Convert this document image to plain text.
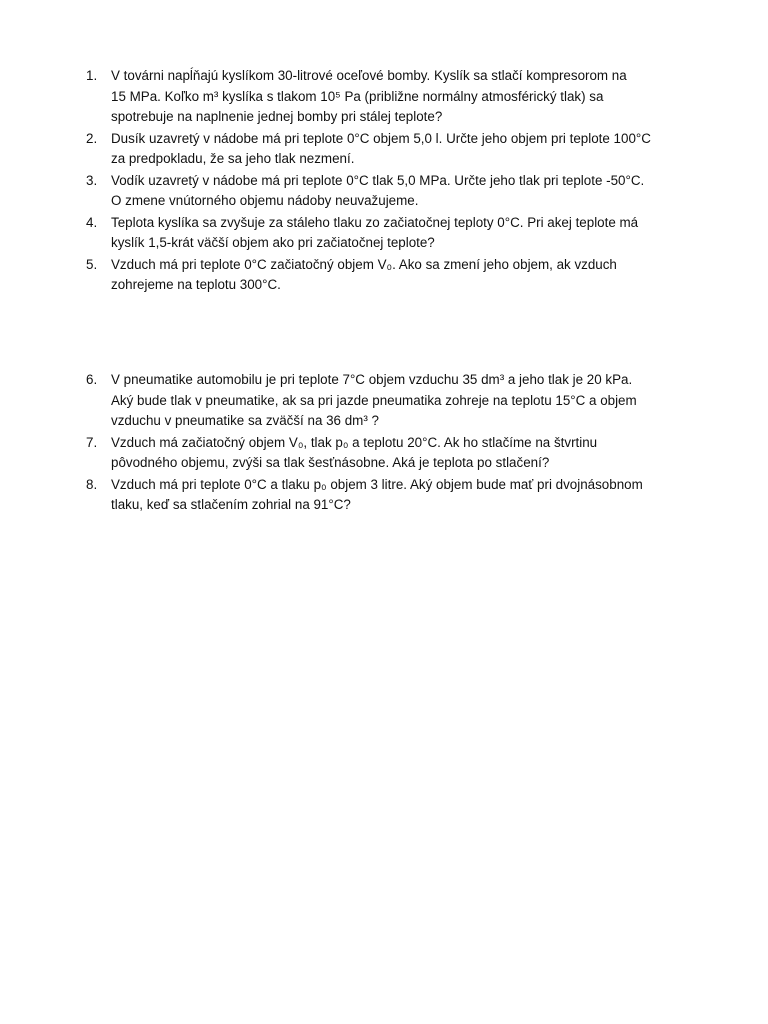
1. V továrni napĺňajú kyslíkom 30-litrové oceľové bomby. Kyslík sa stlačí kompresorom na
15 MPa. Koľko m³ kyslíka s tlakom 10⁵ Pa (približne normálny atmosférický tlak) sa
spotrebuje na naplnenie jednej bomby pri stálej teplote?
2. Dusík uzavretý v nádobe má pri teplote 0°C objem 5,0 l. Určte jeho objem pri teplote 100°C
za predpokladu, že sa jeho tlak nezmení.
3. Vodík uzavretý v nádobe má pri teplote 0°C tlak 5,0 MPa. Určte jeho tlak pri teplote -50°C.
O zmene vnútorného objemu nádoby neuvažujeme.
4. Teplota kyslíka sa zvyšuje za stáleho tlaku zo začiatočnej teploty 0°C. Pri akej teplote má
kyslík 1,5-krát väčší objem ako pri začiatočnej teplote?
5. Vzduch má pri teplote 0°C začiatočný objem V₀. Ako sa zmení jeho objem, ak vzduch
zohrejeme na teplotu 300°C.
6. V pneumatike automobilu je pri teplote 7°C objem vzduchu 35 dm³ a jeho tlak je 20 kPa.
Aký bude tlak v pneumatike, ak sa pri jazde pneumatika zohreje na teplotu 15°C a objem
vzduchu v pneumatike sa zväčší na 36 dm³ ?
7. Vzduch má začiatočný objem V₀, tlak p₀ a teplotu 20°C. Ak ho stlačíme na štvrtinu
pôvodného objemu, zvýši sa tlak šesťnásobne. Aká je teplota po stlačení?
8. Vzduch má pri teplote 0°C a tlaku p₀ objem 3 litre. Aký objem bude mať pri dvojnásobnom
tlaku, keď sa stlačením zohrial na 91°C?
